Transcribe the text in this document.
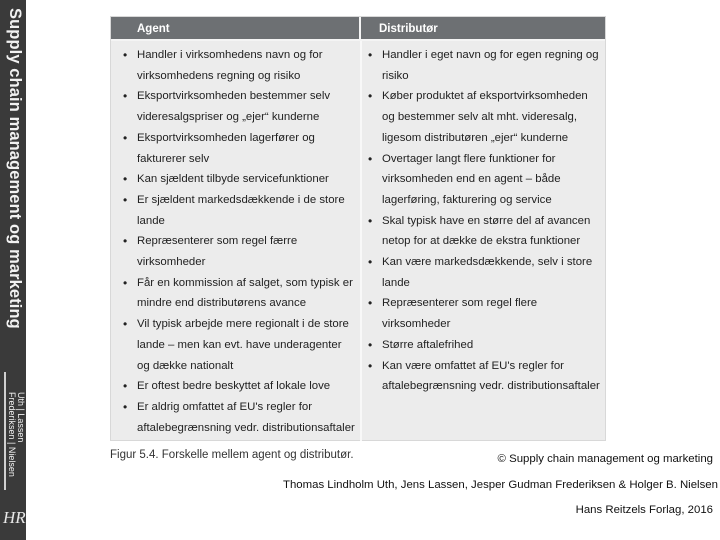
Supply chain management og marketing
Uth | Lassen
Frederiksen | Nielsen
HR
Agent	Distributør
• Handler i virksomhedens navn og for virksomhedens regning og risiko
• Eksportvirksomheden bestemmer selv videresalgspriser og „ejer“ kunderne
• Eksportvirksomheden lagerfører og fakturerer selv
• Kan sjældent tilbyde servicefunktioner
• Er sjældent markedsdækkende i de store lande
• Repræsenterer som regel færre virksomheder
• Får en kommission af salget, som typisk er mindre end distributørens avance
• Vil typisk arbejde mere regionalt i de store lande – men kan evt. have underagenter og dække nationalt
• Er oftest bedre beskyttet af lokale love
• Er aldrig omfattet af EU's regler for aftalebegrænsning vedr. distributionsaftaler
• Handler i eget navn og for egen regning og risiko
• Køber produktet af eksportvirksomheden og bestemmer selv alt mht. videresalg, ligesom distributøren „ejer“ kunderne
• Overtager langt flere funktioner for virksomheden end en agent – både lagerføring, fakturering og service
• Skal typisk have en større del af avancen netop for at dække de ekstra funktioner
• Kan være markedsdækkende, selv i store lande
• Repræsenterer som regel flere virksomheder
• Større aftalefrihed
• Kan være omfattet af EU's regler for aftalebegrænsning vedr. distributionsaftaler
Figur 5.4. Forskelle mellem agent og distributør.	© Supply chain management og marketing
Thomas Lindholm Uth, Jens Lassen, Jesper Gudman Frederiksen & Holger B. Nielsen
Hans Reitzels Forlag, 2016
